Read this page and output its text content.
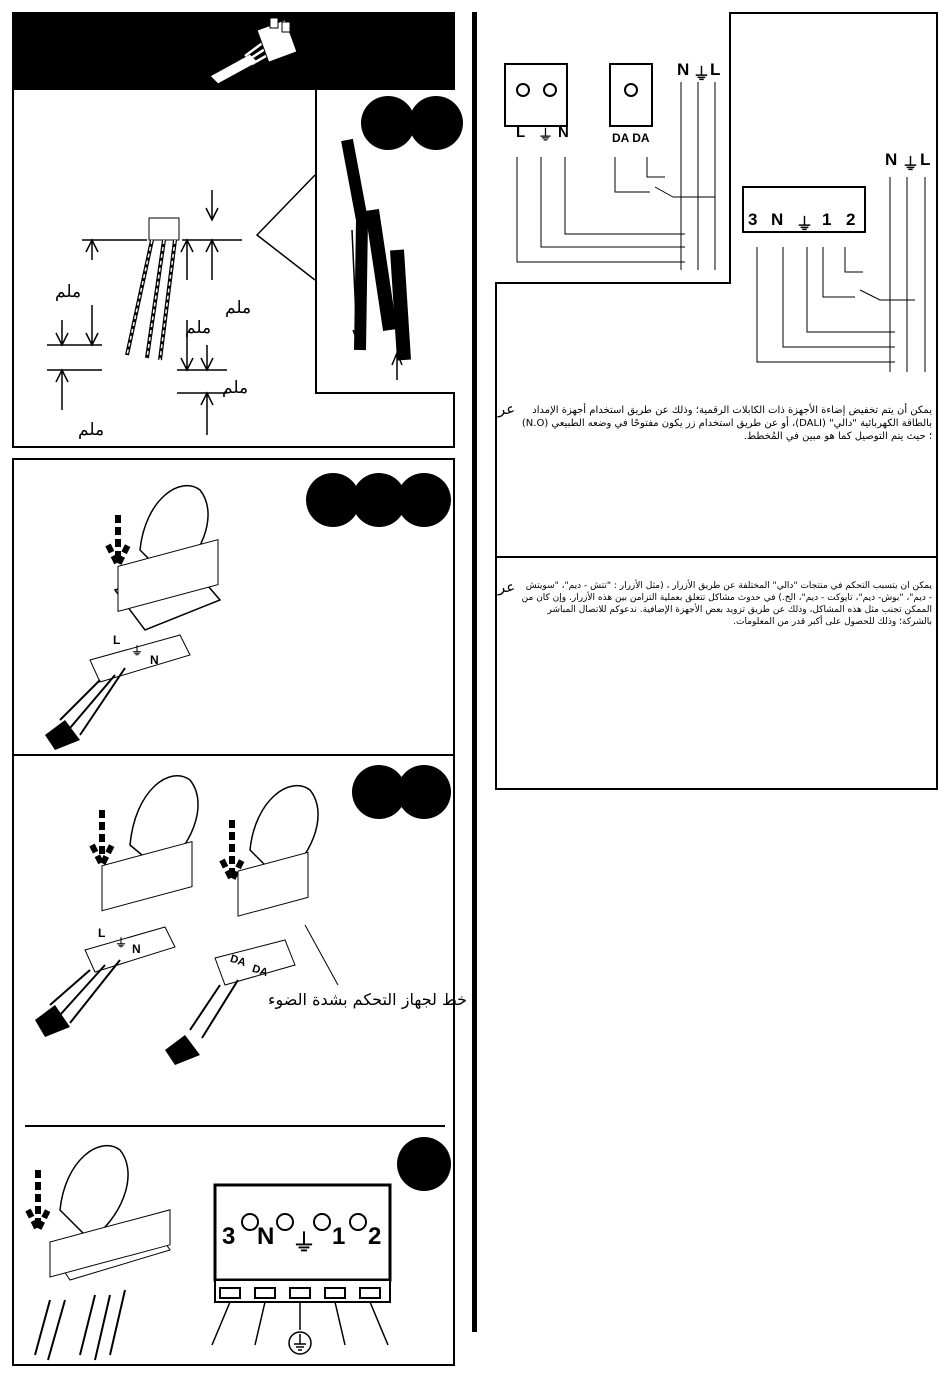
ملم
ملم
ملم
ملم
ملم
L
⏚
N
L
⏚ N
DA
DA
خط لجهاز التحكم بشدة الضوء
3 N ⏚ 1 2
L ⏚ N	DA DA
N ⏚ L
N ⏚ L
3 N ⏚ 1 2
عر	يمكن أن يتم تخفيض إضاءة الأجهزة ذات الكابلات الرقمية؛ وذلك عن طريق استخدام أجهزة الإمداد بالطاقة الكهربائية "دالي" (DALI)، أو عن طريق استخدام زر يكون مفتوحًا في وضعه الطبيعي (N.O) ؛ حيث يتم التوصيل كما هو مبين في المُخطط.
عر	يمكن ان يتسبب التحكم في منتجات "دالي" المختلفة عن طريق الأزرار ، (مثل الأزرار : "تتش - ديم"، "سويتش - ديم"، "بوش- ديم"، تايوكت - ديم"، الخ.) في حدوث مشاكل تتعلق بعملية التزامن بين هذه الأزرار. وإن كان من الممكن تجنب مثل هذه المشاكل، وذلك عن طريق تزويد بعض الأجهزة الإضافية. ندعوكم للاتصال المباشر بالشركة؛ وذلك للحصول على أكبر قدر من المعلومات.
